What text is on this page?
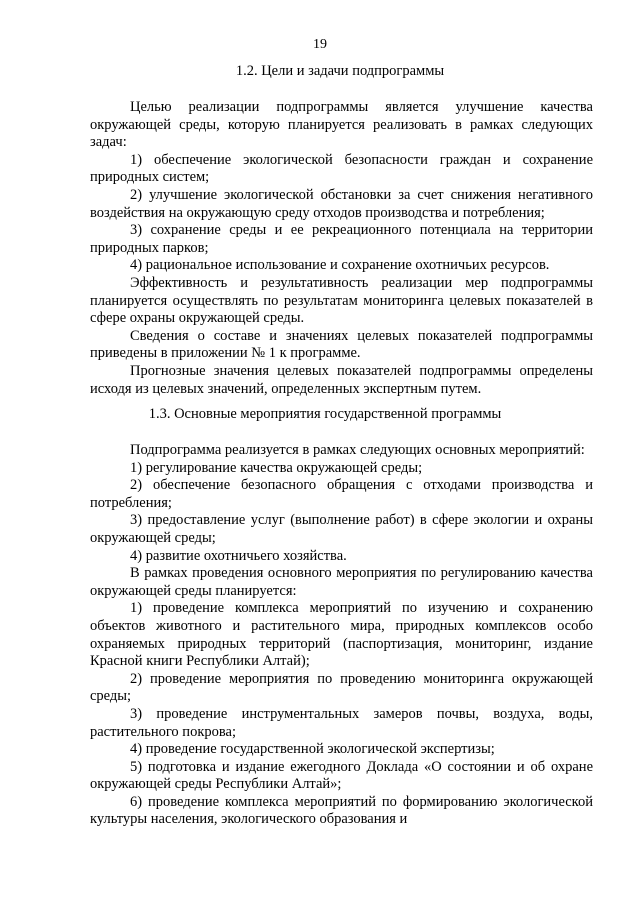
19
1.2. Цели и задачи подпрограммы

Целью реализации подпрограммы является улучшение качества окружающей среды, которую планируется реализовать в рамках следующих задач:

1) обеспечение экологической безопасности граждан и сохранение природных систем;

2) улучшение экологической обстановки за счет снижения негативного воздействия на окружающую среду отходов производства и потребления;

3) сохранение среды и ее рекреационного потенциала на территории природных парков;

4) рациональное использование и сохранение охотничьих ресурсов.

Эффективность и результативность реализации мер подпрограммы планируется осуществлять по результатам мониторинга целевых показателей в сфере охраны окружающей среды.

Сведения о составе и значениях целевых показателей подпрограммы приведены в приложении № 1 к программе.

Прогнозные значения целевых показателей подпрограммы определены исходя из целевых значений, определенных экспертным путем.

1.3. Основные мероприятия государственной программы

Подпрограмма реализуется в рамках следующих основных мероприятий:

1) регулирование качества окружающей среды;

2) обеспечение безопасного обращения с отходами производства и потребления;

3) предоставление услуг (выполнение работ) в сфере экологии и охраны окружающей среды;

4) развитие охотничьего хозяйства.

В рамках проведения основного мероприятия по регулированию качества окружающей среды планируется:

1) проведение комплекса мероприятий по изучению и сохранению объектов животного и растительного мира, природных комплексов особо охраняемых природных территорий (паспортизация, мониторинг, издание Красной книги Республики Алтай);

2) проведение мероприятия по проведению мониторинга окружающей среды;

3) проведение инструментальных замеров почвы, воздуха, воды, растительного покрова;

4) проведение государственной экологической экспертизы;

5) подготовка и издание ежегодного Доклада «О состоянии и об охране окружающей среды Республики Алтай»;

6) проведение комплекса мероприятий по формированию экологической культуры населения, экологического образования и
